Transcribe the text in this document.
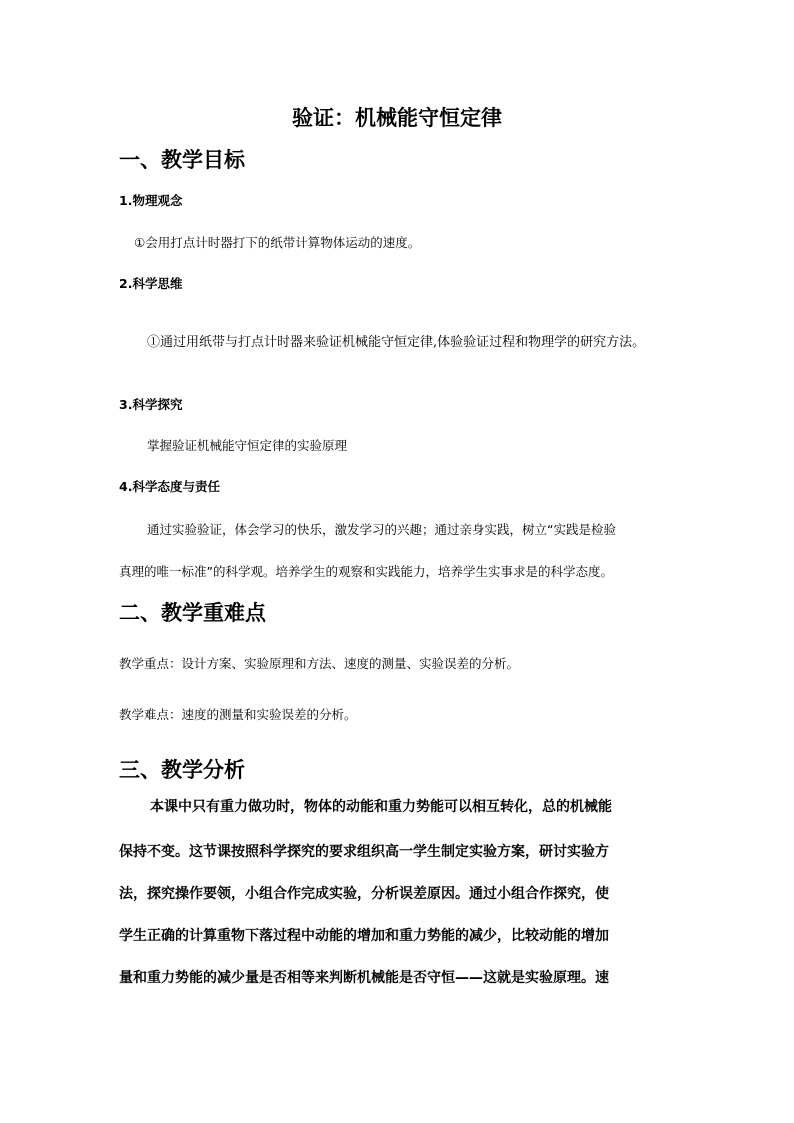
验证：机械能守恒定律
一、教学目标
1.物理观念
①会用打点计时器打下的纸带计算物体运动的速度。
2.科学思维
①通过用纸带与打点计时器来验证机械能守恒定律,体验验证过程和物理学的研究方法。
3.科学探究
掌握验证机械能守恒定律的实验原理
4.科学态度与责任
通过实验验证，体会学习的快乐，激发学习的兴趣；通过亲身实践，树立“实践是检验
真理的唯一标准”的科学观。培养学生的观察和实践能力，培养学生实事求是的科学态度。
二、教学重难点
教学重点：设计方案、实验原理和方法、速度的测量、实验误差的分析。
教学难点：速度的测量和实验误差的分析。
三、教学分析
本课中只有重力做功时，物体的动能和重力势能可以相互转化，总的机械能
保持不变。这节课按照科学探究的要求组织高一学生制定实验方案，研讨实验方
法，探究操作要领，小组合作完成实验，分析误差原因。通过小组合作探究，使
学生正确的计算重物下落过程中动能的增加和重力势能的减少，比较动能的增加
量和重力势能的减少量是否相等来判断机械能是否守恒——这就是实验原理。速
